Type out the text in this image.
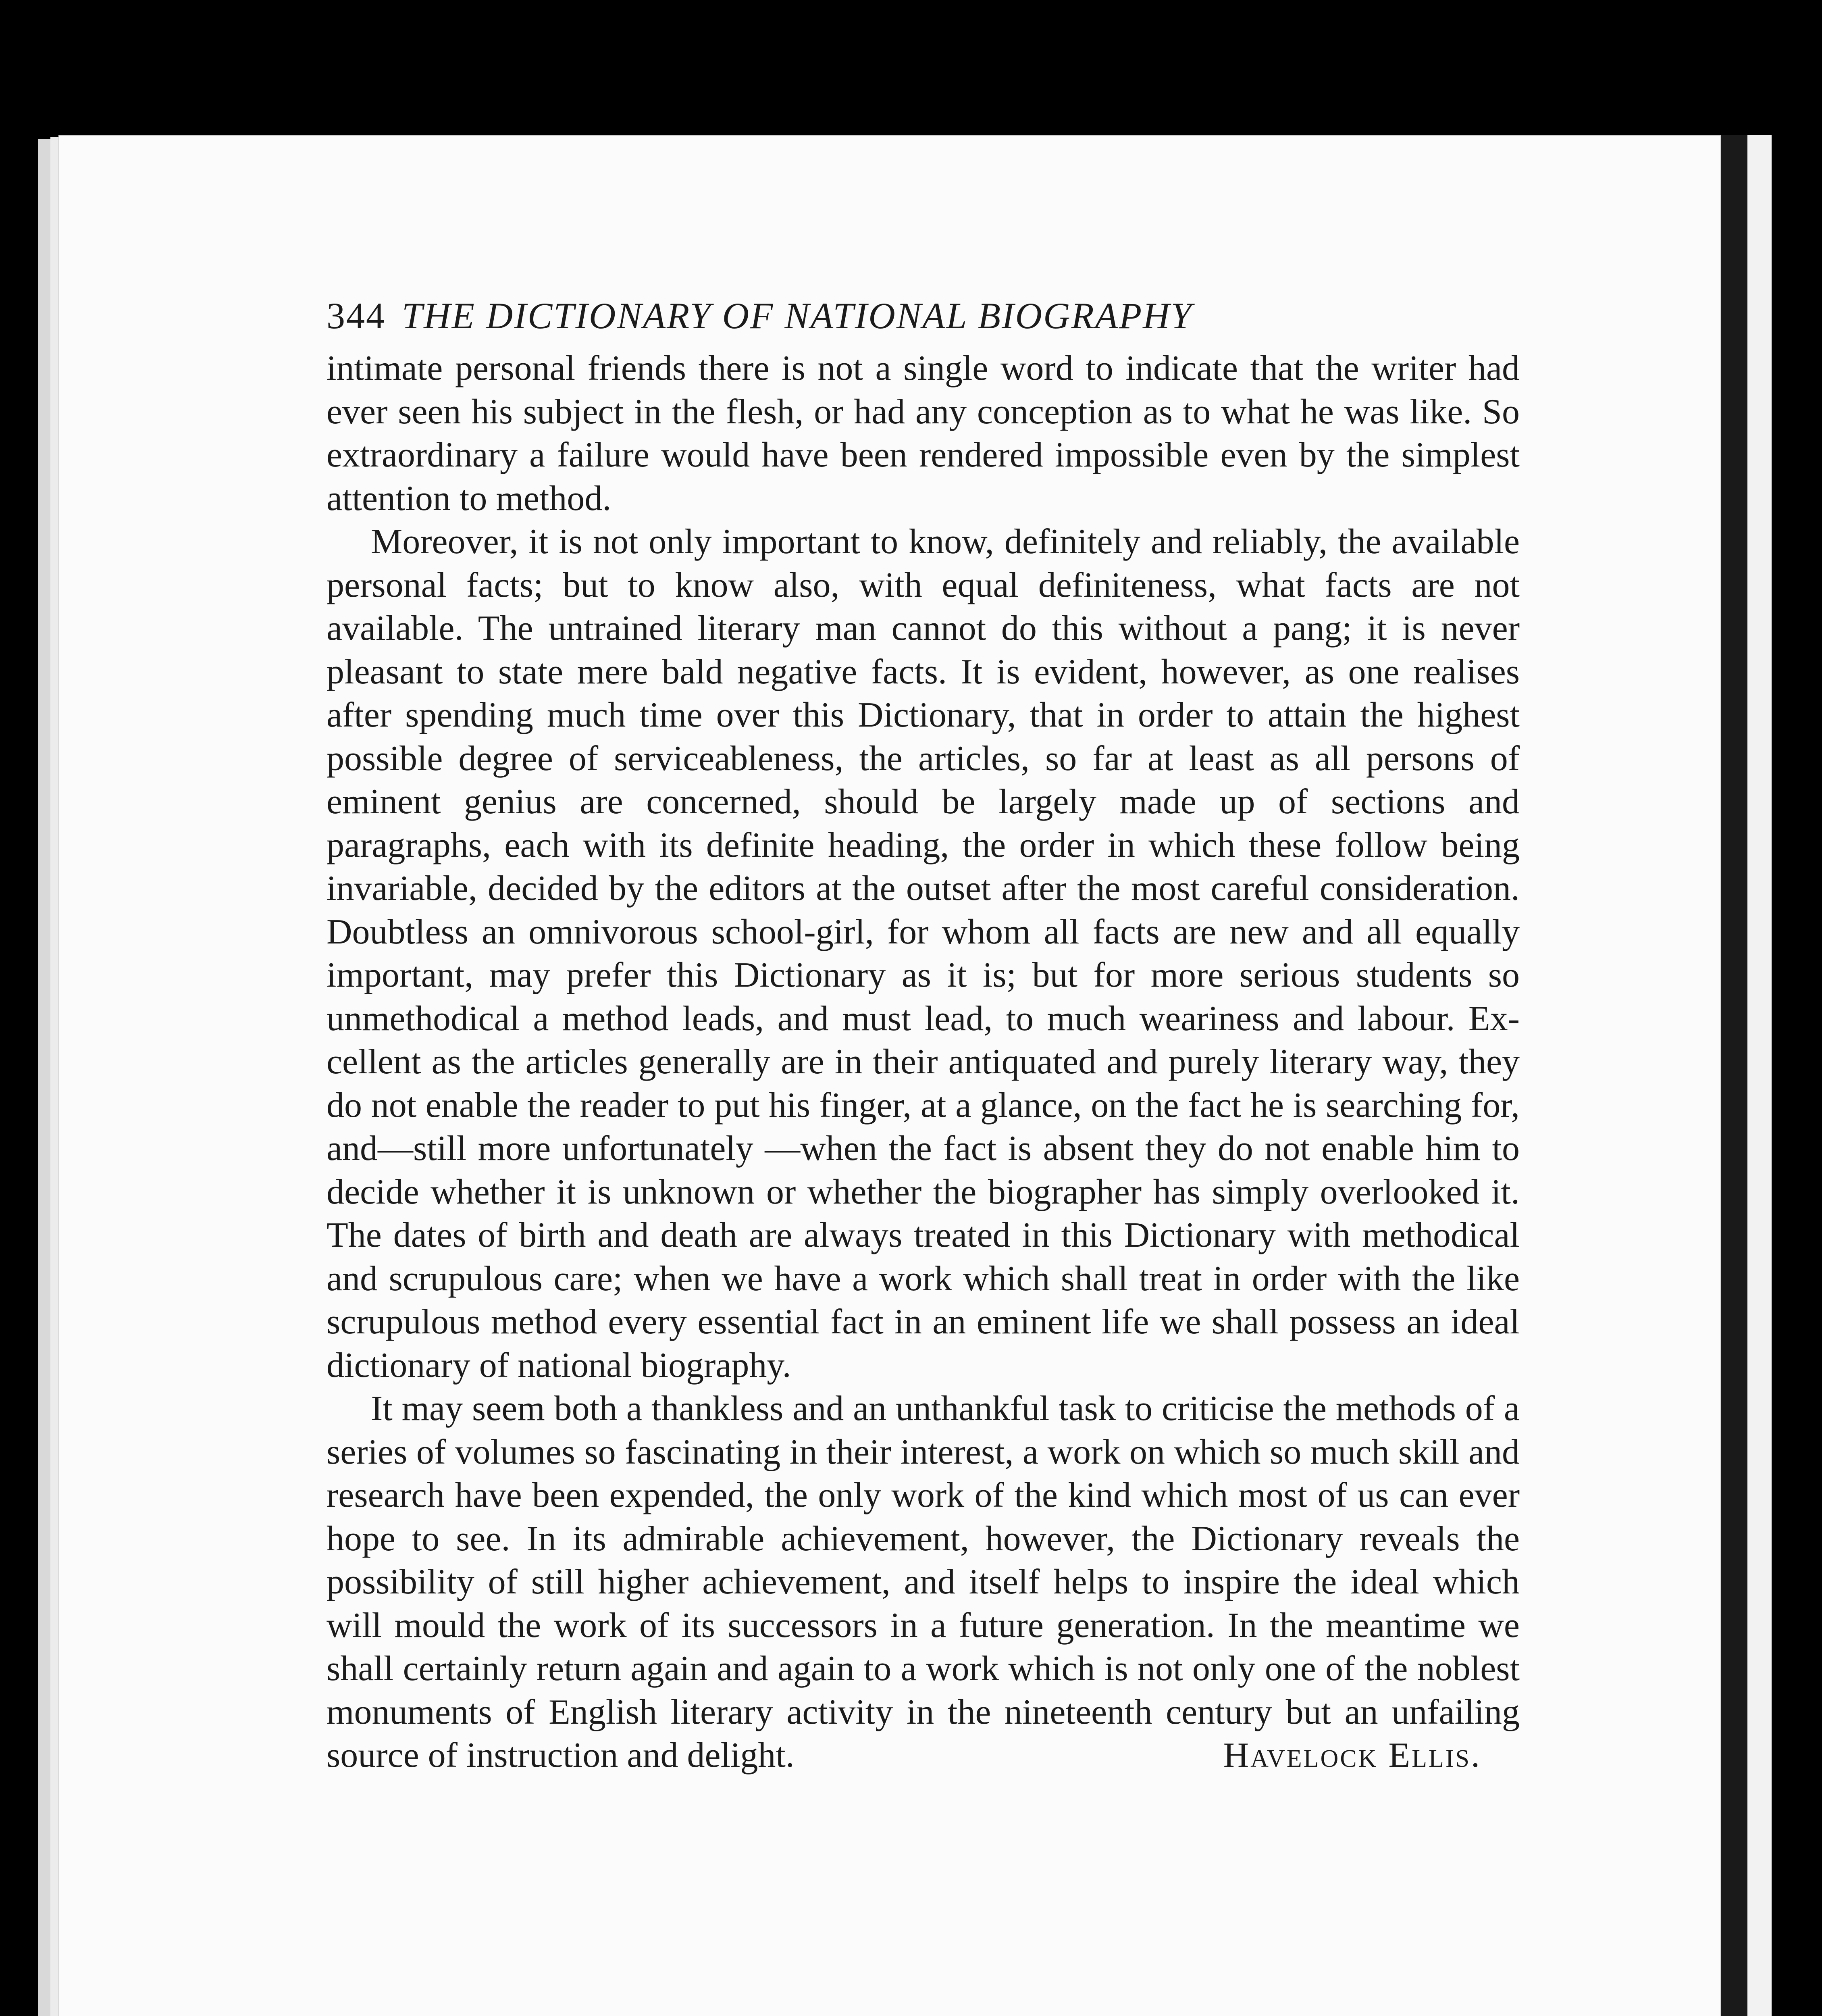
344 THE DICTIONARY OF NATIONAL BIOGRAPHY

intimate personal friends there is not a single word to indicate that the writer had ever seen his subject in the flesh, or had any conception as to what he was like. So extraordinary a failure would have been rendered impossible even by the simplest attention to method.

Moreover, it is not only important to know, definitely and reliably, the available personal facts; but to know also, with equal definiteness, what facts are not available. The untrained literary man cannot do this without a pang; it is never pleasant to state mere bald negative facts. It is evident, however, as one realises after spending much time over this Dictionary, that in order to attain the highest possible degree of serviceableness, the articles, so far at least as all persons of eminent genius are concerned, should be largely made up of sections and paragraphs, each with its definite heading, the order in which these follow being invariable, decided by the editors at the outset after the most careful consideration. Doubtless an omnivorous school-girl, for whom all facts are new and all equally important, may prefer this Dictionary as it is; but for more serious students so unmethodical a method leads, and must lead, to much weariness and labour. Excellent as the articles generally are in their antiquated and purely literary way, they do not enable the reader to put his finger, at a glance, on the fact he is searching for, and—still more unfortunately —when the fact is absent they do not enable him to decide whether it is unknown or whether the biographer has simply overlooked it. The dates of birth and death are always treated in this Dictionary with methodical and scrupulous care; when we have a work which shall treat in order with the like scrupulous method every essential fact in an eminent life we shall possess an ideal dictionary of national biography.

It may seem both a thankless and an unthankful task to criticise the methods of a series of volumes so fascinating in their interest, a work on which so much skill and research have been expended, the only work of the kind which most of us can ever hope to see. In its admirable achievement, however, the Dictionary reveals the possibility of still higher achievement, and itself helps to inspire the ideal which will mould the work of its successors in a future generation. In the meantime we shall certainly return again and again to a work which is not only one of the noblest monuments of English literary activity in the nineteenth century but an unfailing source of instruction and delight.	Havelock Ellis.
